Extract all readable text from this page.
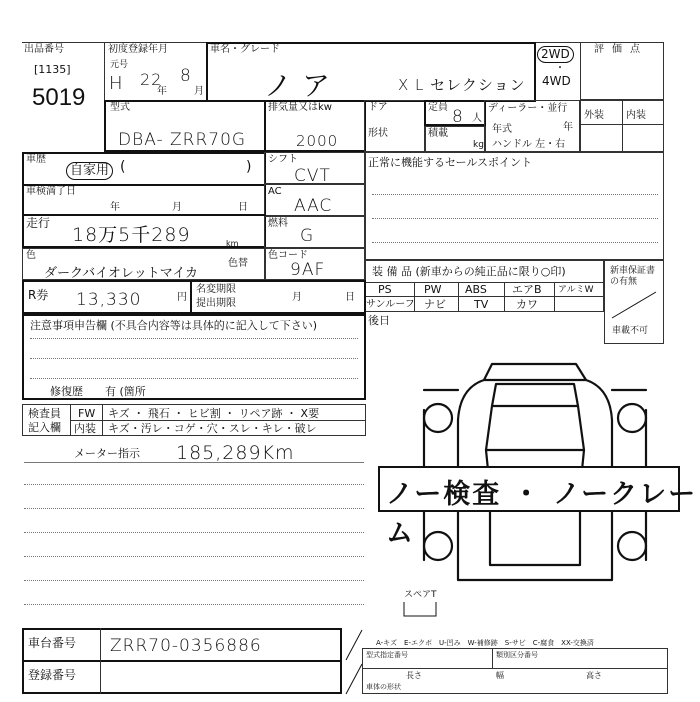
出品番号
[1135]
5019
初度登録年月
元号
H 22
年
8
月
車名・グレード
ノア	X L セレクション
2WD
4WD
・
評価点
型式
DBA- ZRR70G
排気量又はkw
2000
ドア
形状
定員 8 人
積載
kg
ディーラー・並行
年式	年
ハンドル 左・右
外装 内装
車歴
自家用 (	) シフト
CVT
正常に機能するセールスポイント
車検満了日
年	月	日
AC
AAC
走行
18万5千289	km
燃料
G
色
ダークバイオレットマイカ
色替
色コード
9AF	装 備 品 (新車からの純正品に限り○印)
PS	PW ABS エアB アルミW
サンルーフ ナビ	TV	カワ
新車保証書の有無
車載不可
R券 13,330	円
名変期限
提出期限
月	日
後日
注意事項申告欄 (不具合内容等は具体的に記入して下さい)
修復歴　　有 (箇所
検査員
記入欄
FW キズ ・ 飛石 ・ ヒビ割 ・ リペア跡 ・ X要
内装 キズ・汚レ・コゲ・穴・スレ・キレ・破レ
メーター指示 185,289Km
ノー検査 ・ ノークレーム
スペアT
車台番号 ZRR70-0356886
登録番号
A-キズ　E-エクボ　U-凹み　W-補修跡　S-サビ　C-腐食　XX-交換済
型式指定番号	類別区分番号
長さ	幅	高さ
車体の形状
